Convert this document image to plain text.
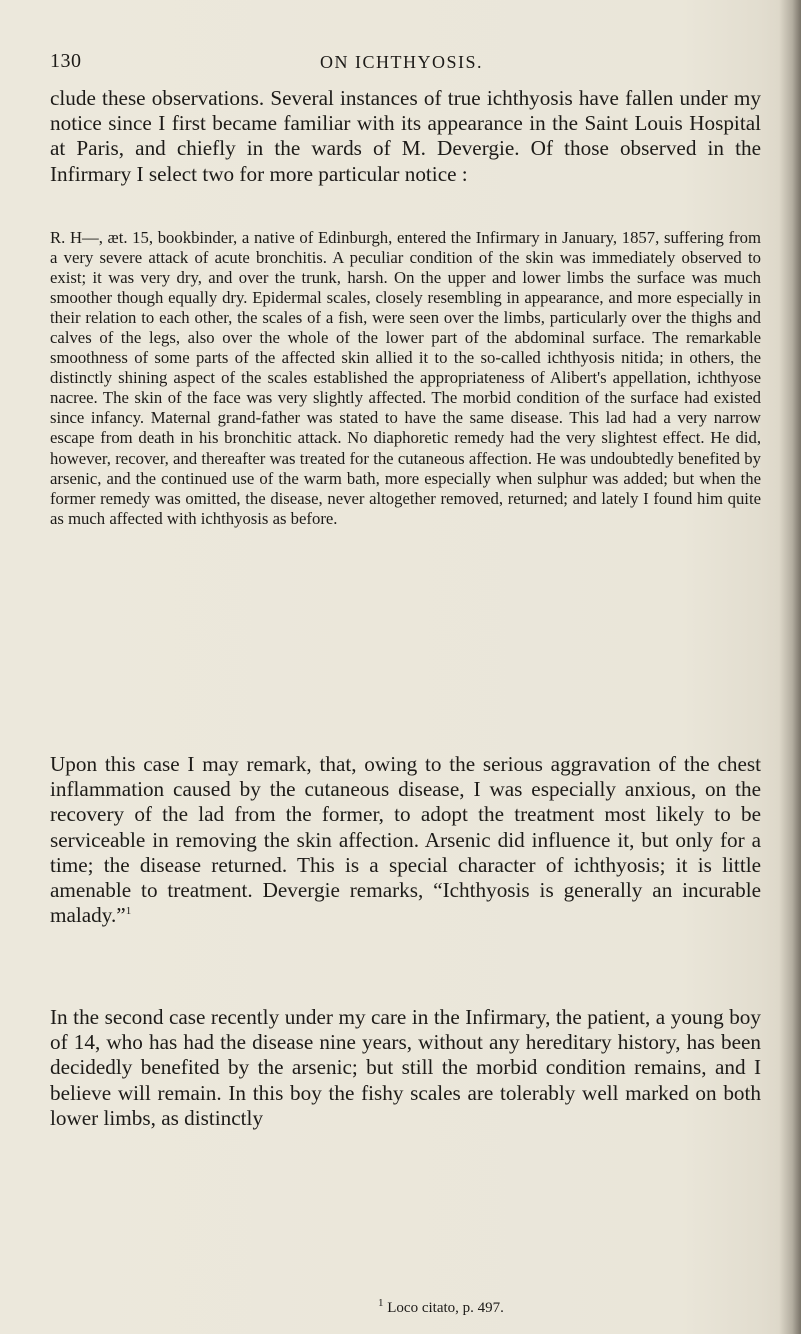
130	ON ICHTHYOSIS.

clude these observations. Several instances of true ichthyosis have fallen under my notice since I first became familiar with its appearance in the Saint Louis Hospital at Paris, and chiefly in the wards of M. Devergie. Of those observed in the Infirmary I select two for more particular notice :

R. H—, æt. 15, bookbinder, a native of Edinburgh, entered the Infirmary in January, 1857, suffering from a very severe attack of acute bronchitis. A peculiar condition of the skin was immediately observed to exist; it was very dry, and over the trunk, harsh. On the upper and lower limbs the surface was much smoother though equally dry. Epidermal scales, closely resembling in appearance, and more especially in their relation to each other, the scales of a fish, were seen over the limbs, particularly over the thighs and calves of the legs, also over the whole of the lower part of the abdominal surface. The remarkable smoothness of some parts of the affected skin allied it to the so-called ichthyosis nitida; in others, the distinctly shining aspect of the scales established the appropriateness of Alibert's appellation, ichthyose nacree. The skin of the face was very slightly affected. The morbid condition of the surface had existed since infancy. Maternal grand-father was stated to have the same disease. This lad had a very narrow escape from death in his bronchitic attack. No diaphoretic remedy had the very slightest effect. He did, however, recover, and thereafter was treated for the cutaneous affection. He was undoubtedly benefited by arsenic, and the continued use of the warm bath, more especially when sulphur was added; but when the former remedy was omitted, the disease, never altogether removed, returned; and lately I found him quite as much affected with ichthyosis as before.

Upon this case I may remark, that, owing to the serious aggravation of the chest inflammation caused by the cutaneous disease, I was especially anxious, on the recovery of the lad from the former, to adopt the treatment most likely to be serviceable in removing the skin affection. Arsenic did influence it, but only for a time; the disease returned. This is a special character of ichthyosis; it is little amenable to treatment. Devergie remarks, “Ichthyosis is generally an incurable malady.”$^1$

In the second case recently under my care in the Infirmary, the patient, a young boy of 14, who has had the disease nine years, without any hereditary history, has been decidedly benefited by the arsenic; but still the morbid condition remains, and I believe will remain. In this boy the fishy scales are tolerably well marked on both lower limbs, as distinctly

$^1$ Loco citato, p. 497.
